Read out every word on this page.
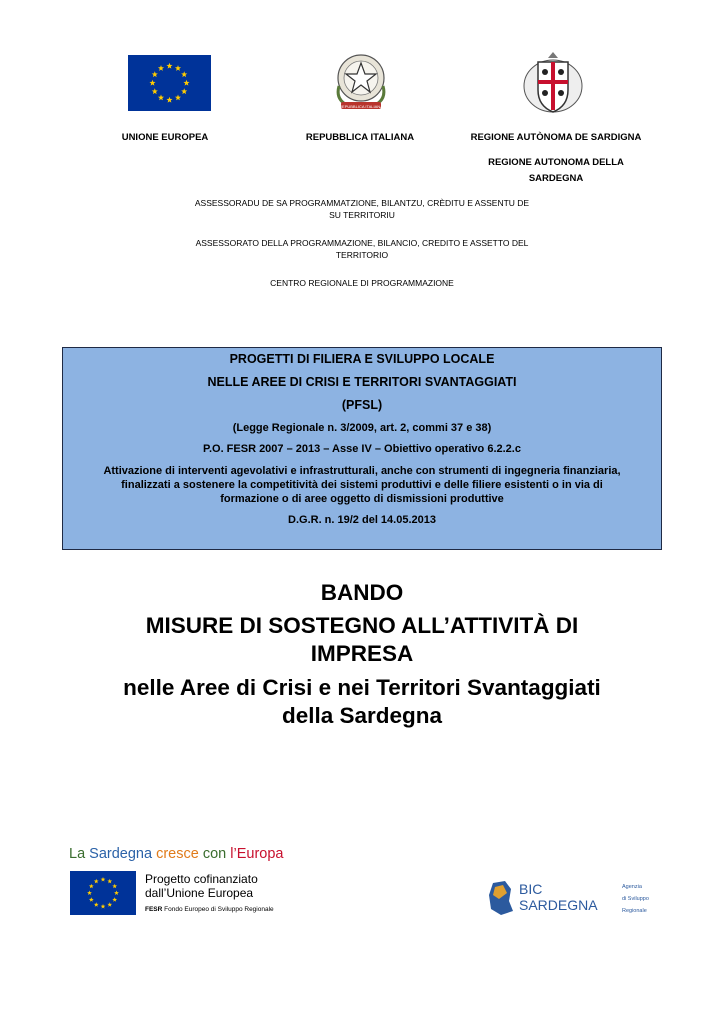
REPUBBLICA ITALIANA
UNIONE EUROPEA	REPUBBLICA ITALIANA	REGIONE AUTÒNOMA DE SARDIGNA
REGIONE AUTONOMA DELLA
SARDEGNA
ASSESSORADU DE SA PROGRAMMATZIONE, BILANTZU, CRÈDITU E ASSENTU DE
SU TERRITORIU
ASSESSORATO DELLA PROGRAMMAZIONE, BILANCIO, CREDITO E ASSETTO DEL
TERRITORIO
CENTRO REGIONALE DI PROGRAMMAZIONE

PROGETTI DI FILIERA E SVILUPPO LOCALE

NELLE AREE DI CRISI E TERRITORI SVANTAGGIATI

(PFSL)

(Legge Regionale n. 3/2009, art. 2, commi 37 e 38)

P.O. FESR 2007 – 2013 – Asse IV – Obiettivo operativo 6.2.2.c

Attivazione di interventi agevolativi e infrastrutturali, anche con strumenti di ingegneria finanziaria,
finalizzati a sostenere la competitività dei sistemi produttivi e delle filiere esistenti o in via di
formazione o di aree oggetto di dismissioni produttive

D.G.R. n. 19/2 del 14.05.2013

BANDO
MISURE DI SOSTEGNO ALL’ATTIVITÀ DI
IMPRESA
nelle Aree di Crisi e nei Territori Svantaggiati
della Sardegna
La Sardegna cresce con l’Europa
Progetto cofinanziato
dall’Unione Europea
FESR Fondo Europeo di Sviluppo Regionale
BIC
SARDEGNA
Agenzia
di Sviluppo
Regionale
